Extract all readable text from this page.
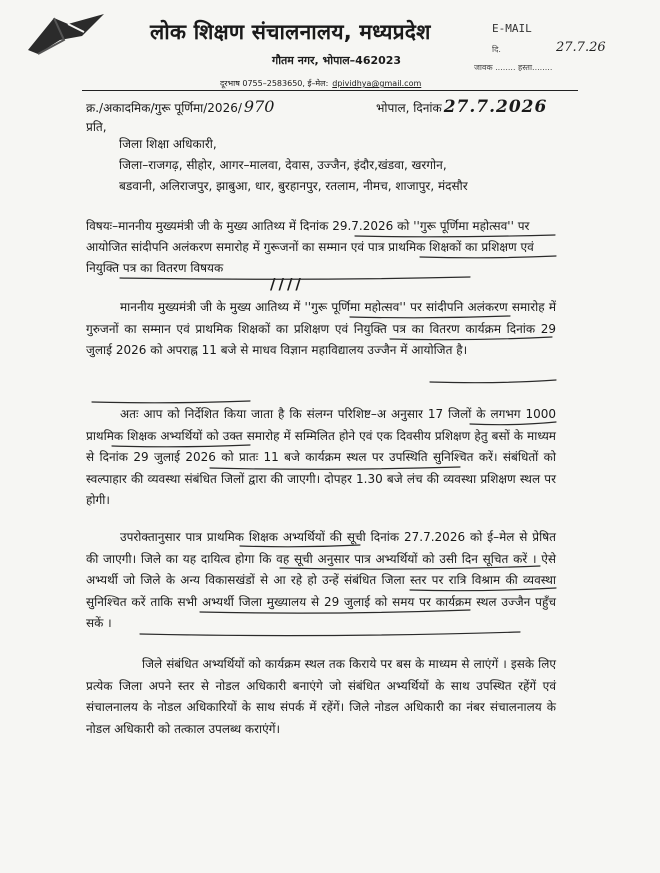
लोक शिक्षण संचालनालय, मध्यप्रदेश
गौतम नगर, भोपाल–462023
दूरभाष 0755–2583650, ई–मेल: dpividhya@gmail.com
E-MAIL
दि.	27.7.26
जावक ........ हस्ता........
क्र./अकादमिक/गुरू पूर्णिमा/2026/ 970	भोपाल, दिनांक 27.7.2026
प्रति,
जिला शिक्षा अधिकारी,
जिला–राजगढ़, सीहोर, आगर–मालवा, देवास, उज्जैन, इंदौर,खंडवा, खरगोन,
बडवानी, अलिराजपुर, झाबुआ, धार, बुरहानपुर, रतलाम, नीमच, शाजापुर, मंदसौर
विषयः–माननीय मुख्यमंत्री जी के मुख्य आतिथ्य में दिनांक 29.7.2026 को ''गुरू पूर्णिमा महोत्सव'' पर आयोजित सांदीपनि अलंकरण समारोह में गुरूजनों का सम्मान एवं पात्र प्राथमिक शिक्षकों का प्रशिक्षण एवं नियुक्ति पत्र का वितरण विषयक
////
माननीय मुख्यमंत्री जी के मुख्य आतिथ्य में ''गुरू पूर्णिमा महोत्सव'' पर सांदीपनि अलंकरण समारोह में गुरुजनों का सम्मान एवं प्राथमिक शिक्षकों का प्रशिक्षण एवं नियुक्ति पत्र का वितरण कार्यक्रम दिनांक 29 जुलाई 2026 को अपराह्न 11 बजे से माधव विज्ञान महाविद्यालय उज्जैन में आयोजित है।
अतः आप को निर्देशित किया जाता है कि संलग्न परिशिष्ट–अ अनुसार 17 जिलों के लगभग 1000 प्राथमिक शिक्षक अभ्यर्थियों को उक्त समारोह में सम्मिलित होने एवं एक दिवसीय प्रशिक्षण हेतु बसों के माध्यम से दिनांक 29 जुलाई 2026 को प्रातः 11 बजे कार्यक्रम स्थल पर उपस्थिति सुनिश्चित करें। संबंधितों को स्वल्पाहार की व्यवस्था संबंधित जिलों द्वारा की जाएगी। दोपहर 1.30 बजे लंच की व्यवस्था प्रशिक्षण स्थल पर होगी।
उपरोक्तानुसार पात्र प्राथमिक शिक्षक अभ्यर्थियों की सूची दिनांक 27.7.2026 को ई–मेल से प्रेषित की जाएगी। जिले का यह दायित्व होगा कि वह सूची अनुसार पात्र अभ्यर्थियों को उसी दिन सूचित करें । ऐसे अभ्यर्थी जो जिले के अन्य विकासखंडों से आ रहे हो उन्हें संबंधित जिला स्तर पर रात्रि विश्राम की व्यवस्था सुनिश्चित करें ताकि सभी अभ्यर्थी जिला मुख्यालय से 29 जुलाई को समय पर कार्यक्रम स्थल उज्जैन पहुँच सकें ।
जिले संबंधित अभ्यर्थियों को कार्यक्रम स्थल तक किराये पर बस के माध्यम से लाएंगें । इसके लिए प्रत्येक जिला अपने स्तर से नोडल अधिकारी बनाएंगे जो संबंधित अभ्यर्थियों के साथ उपस्थित रहेंगें एवं संचालनालय के नोडल अधिकारियों के साथ संपर्क में रहेंगें। जिले नोडल अधिकारी का नंबर संचालनालय के नोडल अधिकारी को तत्काल उपलब्ध कराएंगें।
